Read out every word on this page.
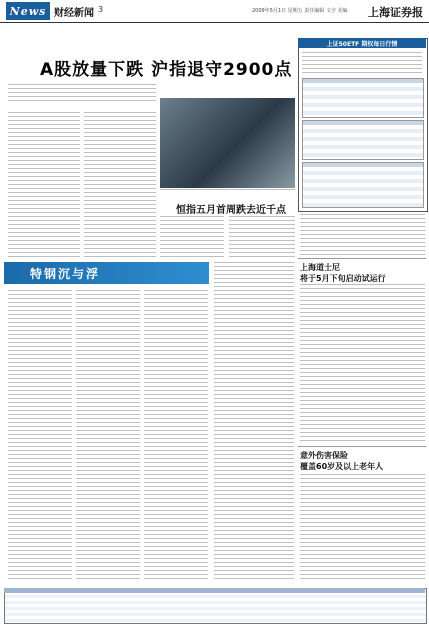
News 财经新闻 3	2009年5月1日 星期五 责任编辑 文字 美编 上海证券报
A股放量下跌 沪指退守2900点
恒指五月首周跌去近千点
特钢沉与浮
上证50ETF 期权每日行情
上海道士尼
将于5月下旬启动试运行
意外伤害保险
覆盖60岁及以上老年人
